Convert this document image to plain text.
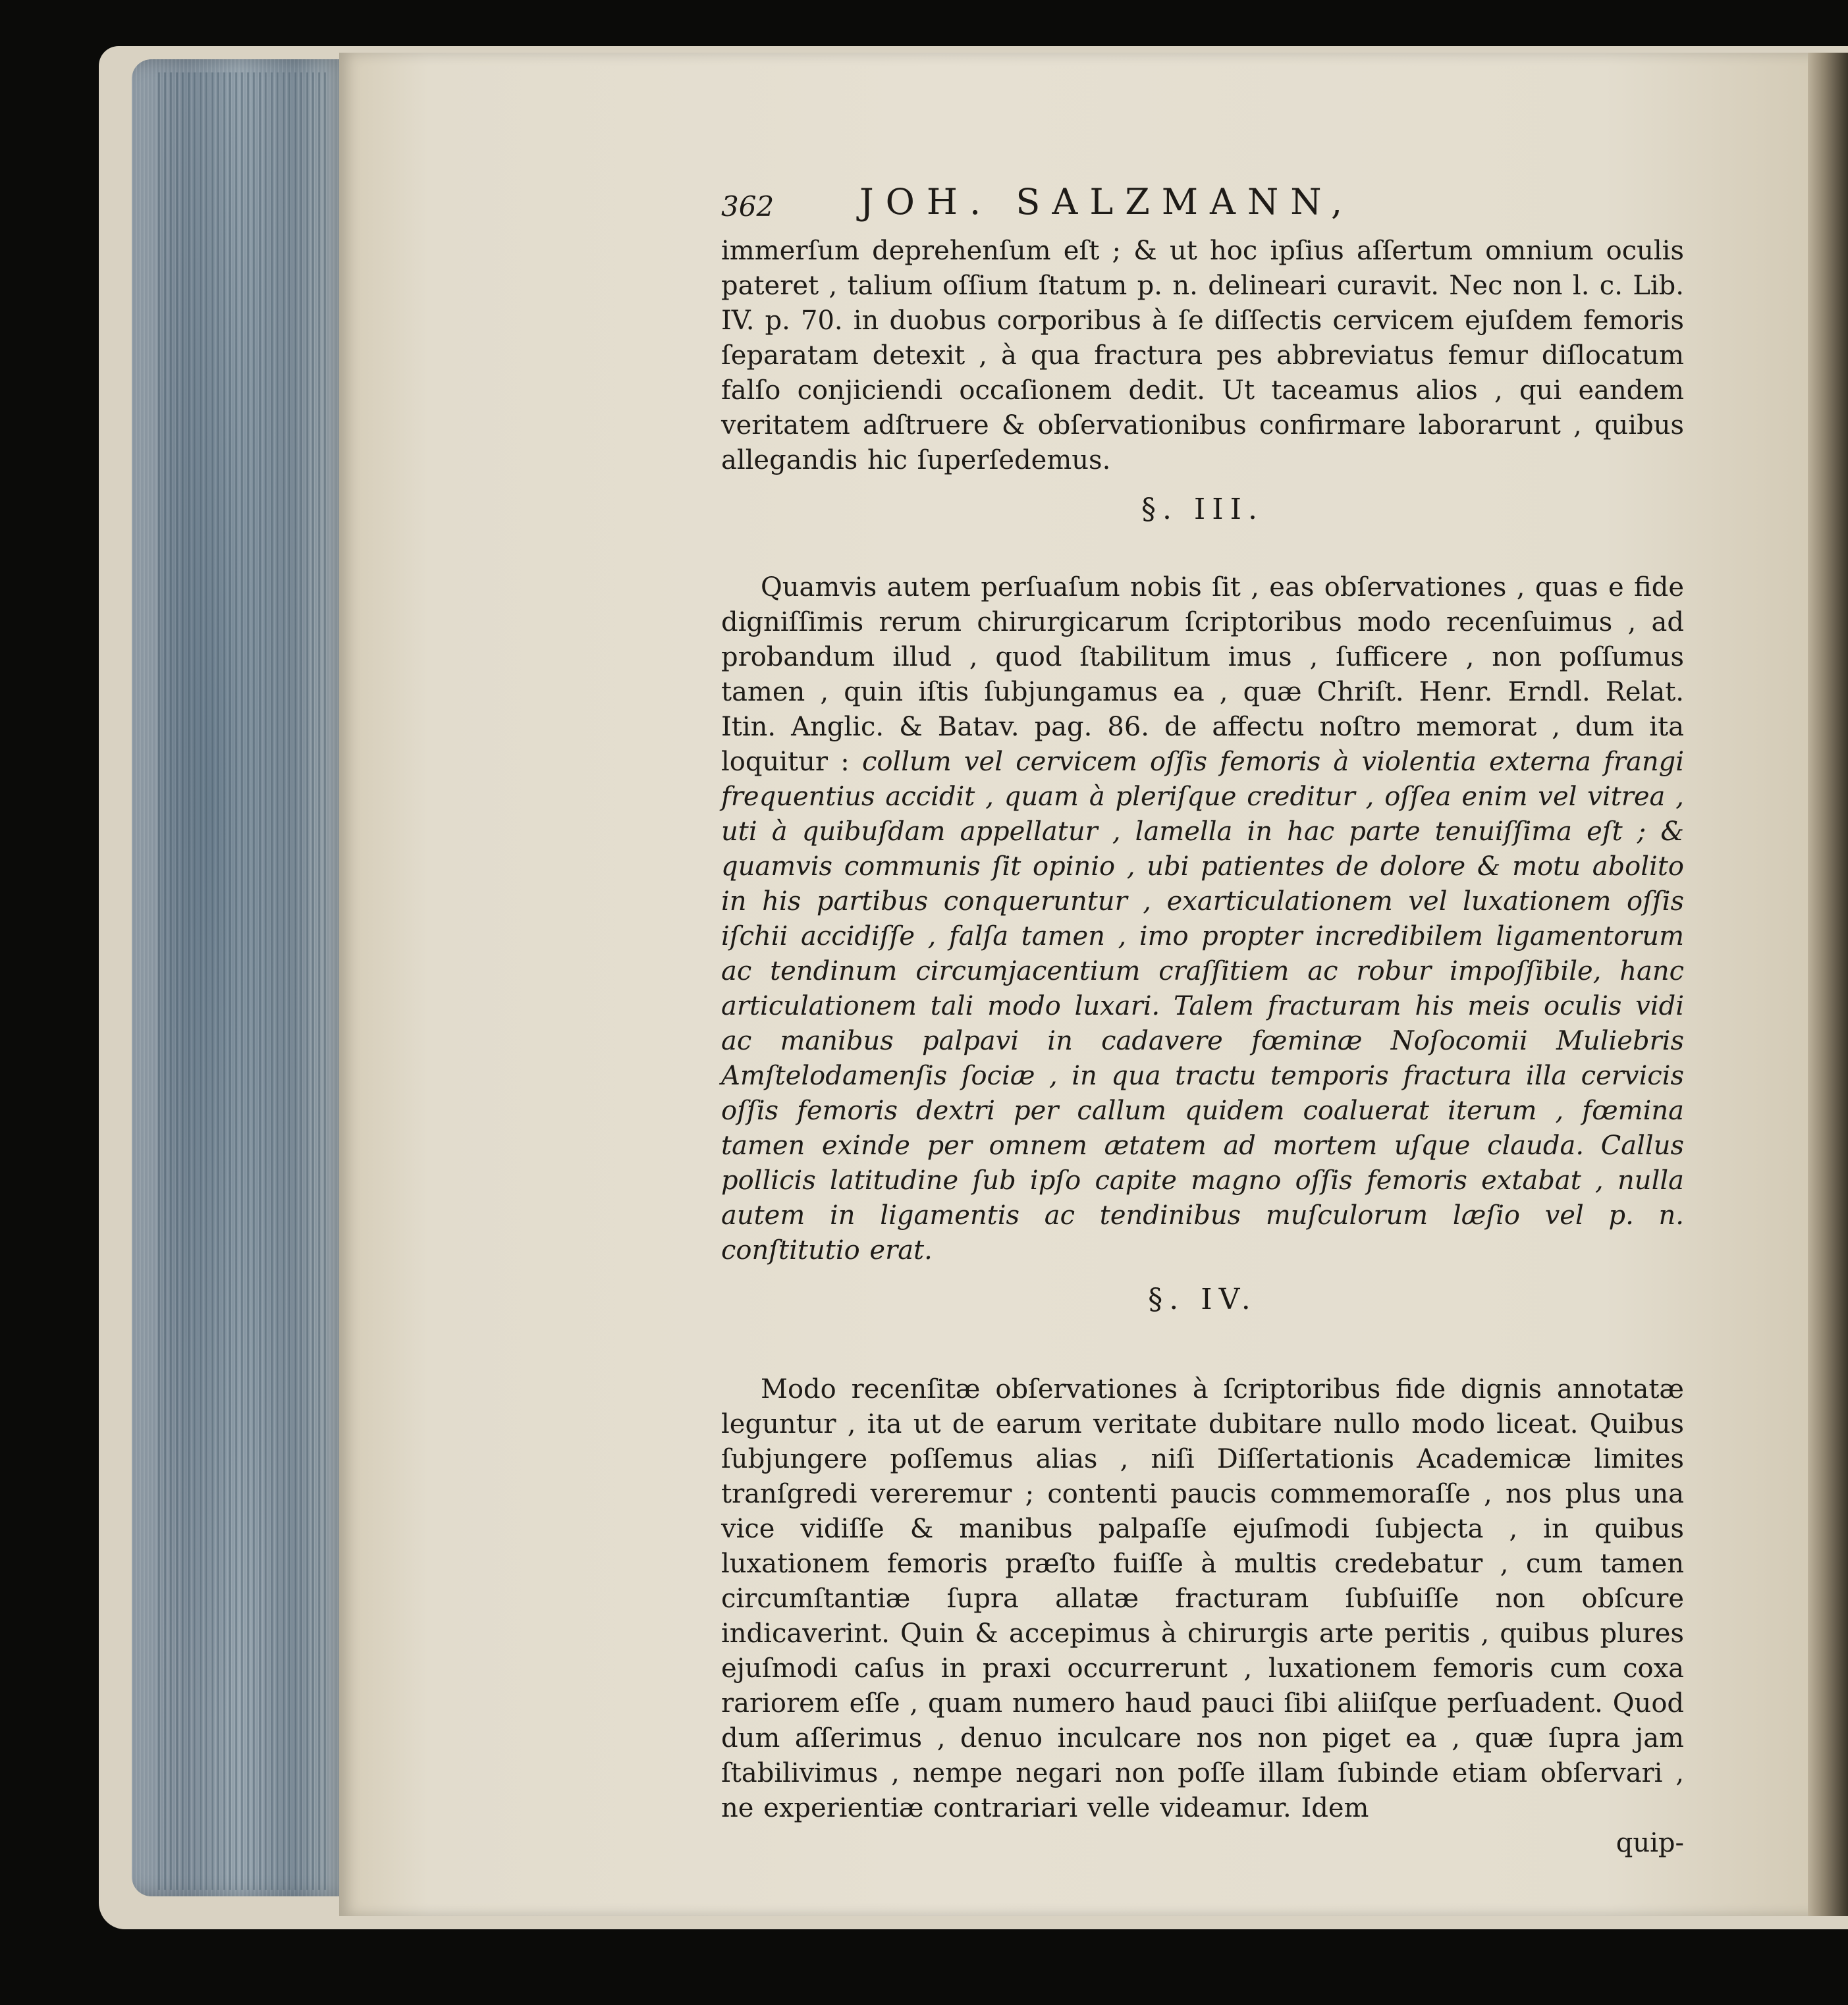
362 JOH. SALZMANN,

immerſum deprehenſum eſt ; & ut hoc ipſius aſſertum omnium oculis pateret , talium oſſium ſtatum p. n. delineari curavit. Nec non l. c. Lib. IV. p. 70. in duobus corporibus à ſe diſſectis cervicem ejuſdem femoris ſeparatam detexit , à qua fractura pes abbreviatus femur diſlocatum falſo conjiciendi occaſionem dedit. Ut taceamus alios , qui eandem veritatem adſtruere & obſervationibus confirmare laborarunt , quibus allegandis hic ſuperſedemus.

§. III.

Quamvis autem perſuaſum nobis ſit , eas obſervationes , quas e fide digniſſimis rerum chirurgicarum ſcriptoribus modo recenſuimus , ad probandum illud , quod ſtabilitum imus , ſufficere , non poſſumus tamen , quin iſtis ſubjungamus ea , quæ Chriſt. Henr. Erndl. Relat. Itin. Anglic. & Batav. pag. 86. de affectu noſtro memorat , dum ita loquitur : collum vel cervicem oſſis femoris à violentia externa frangi frequentius accidit , quam à pleriſque creditur , oſſea enim vel vitrea , uti à quibuſdam appellatur , lamella in hac parte tenuiſſima eſt ; & quamvis communis ſit opinio , ubi patientes de dolore & motu abolito in his partibus conqueruntur , exarticulationem vel luxationem oſſis iſchii accidiſſe , falſa tamen , imo propter incredibilem ligamentorum ac tendinum circumjacentium craſſitiem ac robur impoſſibile, hanc articulationem tali modo luxari. Talem fracturam his meis oculis vidi ac manibus palpavi in cadavere fœminæ Noſocomii Muliebris Amſtelodamenſis ſociæ , in qua tractu temporis fractura illa cervicis oſſis femoris dextri per callum quidem coaluerat iterum , fœmina tamen exinde per omnem ætatem ad mortem uſque clauda. Callus pollicis latitudine ſub ipſo capite magno oſſis femoris extabat , nulla autem in ligamentis ac tendinibus muſculorum læſio vel p. n. conſtitutio erat.

§. IV.

Modo recenſitæ obſervationes à ſcriptoribus fide dignis annotatæ leguntur , ita ut de earum veritate dubitare nullo modo liceat. Quibus ſubjungere poſſemus alias , niſi Diſſertationis Academicæ limites tranſgredi vereremur ; contenti paucis commemoraſſe , nos plus una vice vidiſſe & manibus palpaſſe ejuſmodi ſubjecta , in quibus luxationem femoris præſto fuiſſe à multis credebatur , cum tamen circumſtantiæ ſupra allatæ fracturam ſubſuiſſe non obſcure indicaverint. Quin & accepimus à chirurgis arte peritis , quibus plures ejuſmodi caſus in praxi occurrerunt , luxationem femoris cum coxa rariorem eſſe , quam numero haud pauci ſibi aliiſque perſuadent. Quod dum aſſerimus , denuo inculcare nos non piget ea , quæ ſupra jam ſtabilivimus , nempe negari non poſſe illam ſubinde etiam obſervari , ne experientiæ contrariari velle videamur. Idem

quip-
